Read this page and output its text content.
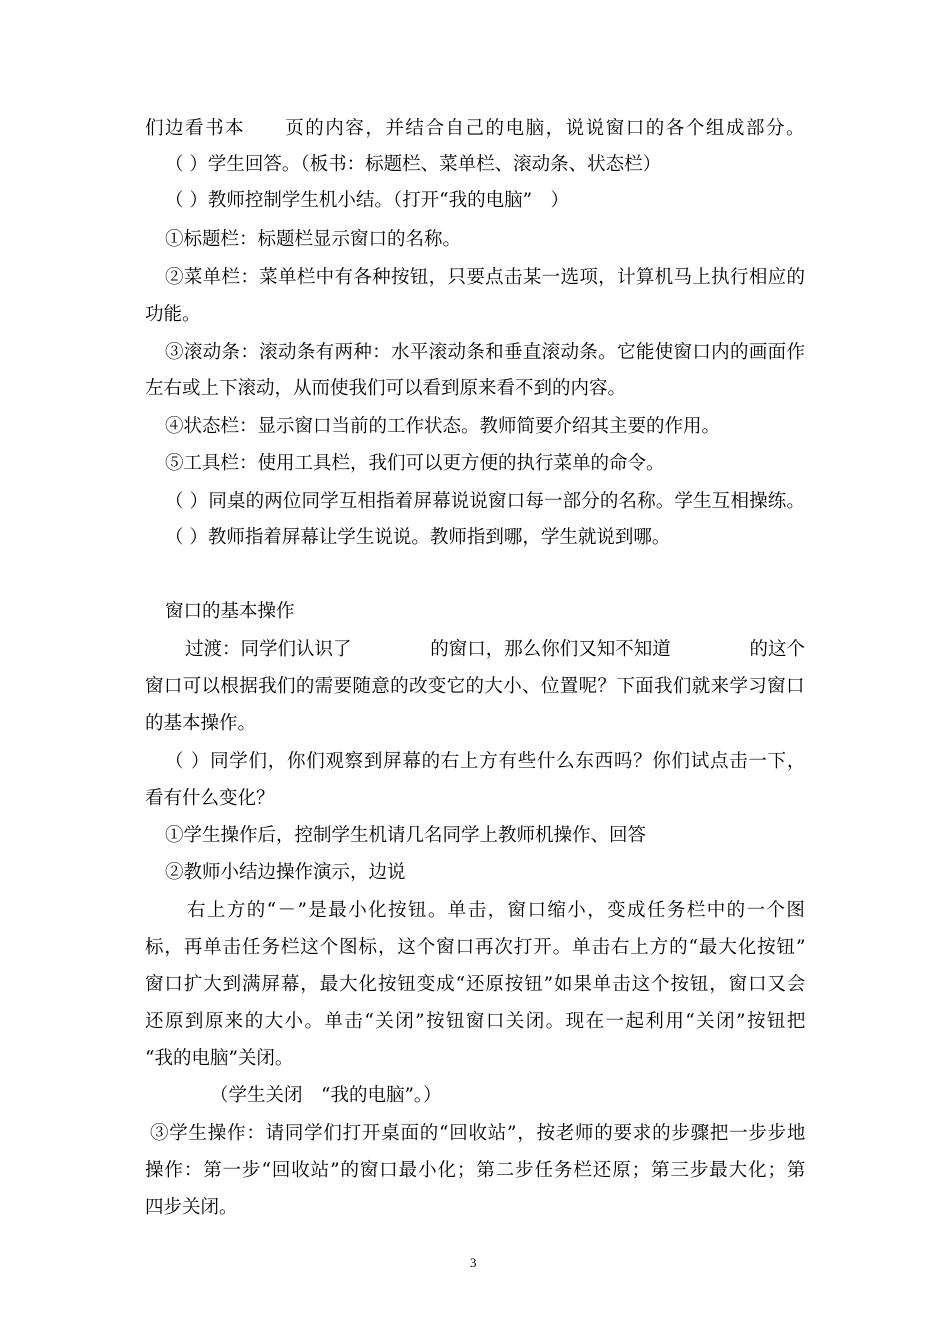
们边看书本　　页的内容，并结合自己的电脑，说说窗口的各个组成部分。
（ ）学生回答。（板书：标题栏、菜单栏、滚动条、状态栏）
（ ）教师控制学生机小结。（打开“我的电脑”　）
①标题栏：标题栏显示窗口的名称。
②菜单栏：菜单栏中有各种按钮，只要点击某一选项，计算机马上执行相应的
功能。
③滚动条：滚动条有两种：水平滚动条和垂直滚动条。它能使窗口内的画面作
左右或上下滚动，从而使我们可以看到原来看不到的内容。
④状态栏：显示窗口当前的工作状态。教师简要介绍其主要的作用。
⑤工具栏：使用工具栏，我们可以更方便的执行菜单的命令。
（ ）同桌的两位同学互相指着屏幕说说窗口每一部分的名称。学生互相操练。
（ ）教师指着屏幕让学生说说。教师指到哪，学生就说到哪。
窗口的基本操作
过渡：同学们认识了	的窗口，那么你们又知不知道	的这个
窗口可以根据我们的需要随意的改变它的大小、位置呢？下面我们就来学习窗口
的基本操作。
（ ）同学们，你们观察到屏幕的右上方有些什么东西吗？你们试点击一下，
看有什么变化？
①学生操作后，控制学生机请几名同学上教师机操作、回答
②教师小结边操作演示，边说
右上方的“－”是最小化按钮。单击，窗口缩小，变成任务栏中的一个图
标，再单击任务栏这个图标，这个窗口再次打开。单击右上方的“最大化按钮”
窗口扩大到满屏幕，最大化按钮变成“还原按钮”如果单击这个按钮，窗口又会
还原到原来的大小。单击“关闭”按钮窗口关闭。现在一起利用“关闭”按钮把
“我的电脑”关闭。
（学生关闭　“我的电脑”。）
③学生操作：请同学们打开桌面的“回收站”，按老师的要求的步骤把一步步地
操作：第一步“回收站”的窗口最小化；第二步任务栏还原；第三步最大化；第
四步关闭。
3
